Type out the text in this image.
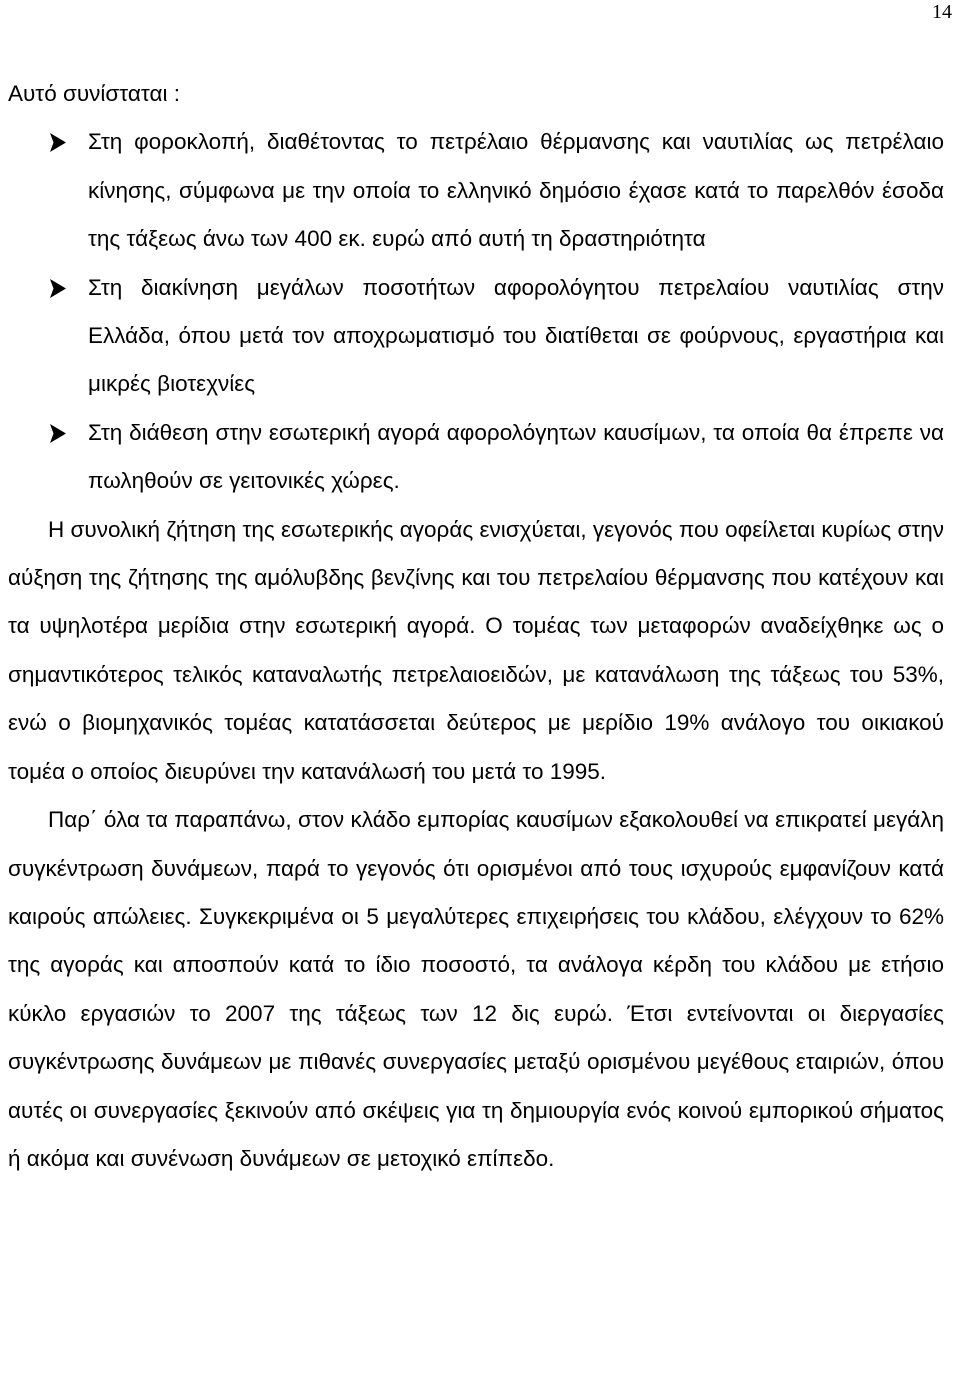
14

Αυτό συνίσταται :

Στη φοροκλοπή, διαθέτοντας το πετρέλαιο θέρμανσης και ναυτιλίας ως πετρέλαιο κίνησης, σύμφωνα με την οποία το ελληνικό δημόσιο έχασε κατά το παρελθόν έσοδα της τάξεως άνω των 400 εκ. ευρώ από αυτή τη δραστηριότητα
Στη διακίνηση μεγάλων ποσοτήτων αφορολόγητου πετρελαίου ναυτιλίας στην Ελλάδα, όπου μετά τον αποχρωματισμό του διατίθεται σε φούρνους, εργαστήρια και μικρές βιοτεχνίες
Στη διάθεση στην εσωτερική αγορά αφορολόγητων καυσίμων, τα οποία θα έπρεπε να πωληθούν σε γειτονικές χώρες.

Η συνολική ζήτηση της εσωτερικής αγοράς ενισχύεται, γεγονός που οφείλεται κυρίως στην αύξηση της ζήτησης της αμόλυβδης βενζίνης και του πετρελαίου θέρμανσης που κατέχουν και τα υψηλοτέρα μερίδια στην εσωτερική αγορά. Ο τομέας των μεταφορών αναδείχθηκε ως ο σημαντικότερος τελικός καταναλωτής πετρελαιοειδών, με κατανάλωση της τάξεως του 53%, ενώ ο βιομηχανικός τομέας κατατάσσεται δεύτερος με μερίδιο 19% ανάλογο του οικιακού τομέα ο οποίος διευρύνει την κατανάλωσή του μετά το 1995.

Παρ΄ όλα τα παραπάνω, στον κλάδο εμπορίας καυσίμων εξακολουθεί να επικρατεί μεγάλη συγκέντρωση δυνάμεων, παρά το γεγονός ότι ορισμένοι από τους ισχυρούς εμφανίζουν κατά καιρούς απώλειες. Συγκεκριμένα οι 5 μεγαλύτερες επιχειρήσεις του κλάδου, ελέγχουν το 62% της αγοράς και αποσπούν κατά το ίδιο ποσοστό, τα ανάλογα κέρδη του κλάδου με ετήσιο κύκλο εργασιών το 2007 της τάξεως των 12 δις ευρώ. Έτσι εντείνονται οι διεργασίες συγκέντρωσης δυνάμεων με πιθανές συνεργασίες μεταξύ ορισμένου μεγέθους εταιριών, όπου αυτές οι συνεργασίες ξεκινούν από σκέψεις για τη δημιουργία ενός κοινού εμπορικού σήματος ή ακόμα και συνένωση δυνάμεων σε μετοχικό επίπεδο.
